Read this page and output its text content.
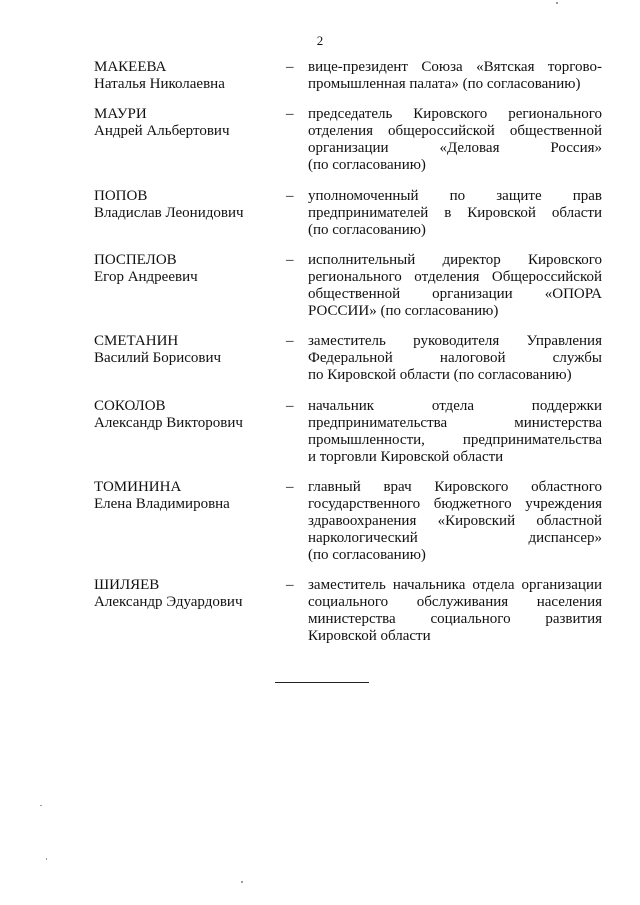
2
МАКЕЕВА
Наталья Николаевна
– вице-президент Союза «Вятская торгово-
промышленная палата» (по согласованию)
МАУРИ
Андрей Альбертович
– председатель Кировского регионального
отделения общероссийской общественной
организации «Деловая Россия»
(по согласованию)
ПОПОВ
Владислав Леонидович
– уполномоченный по защите прав
предпринимателей в Кировской области
(по согласованию)
ПОСПЕЛОВ
Егор Андреевич
– исполнительный директор Кировского
регионального отделения Общероссийской
общественной организации «ОПОРА
РОССИИ» (по согласованию)
СМЕТАНИН
Василий Борисович
– заместитель руководителя Управления
Федеральной налоговой службы
по Кировской области (по согласованию)
СОКОЛОВ
Александр Викторович
– начальник отдела поддержки
предпринимательства министерства
промышленности, предпринимательства
и торговли Кировской области
ТОМИНИНА
Елена Владимировна
– главный врач Кировского областного
государственного бюджетного учреждения
здравоохранения «Кировский областной
наркологический диспансер»
(по согласованию)
ШИЛЯЕВ
Александр Эдуардович
– заместитель начальника отдела организации
социального обслуживания населения
министерства социального развития
Кировской области
